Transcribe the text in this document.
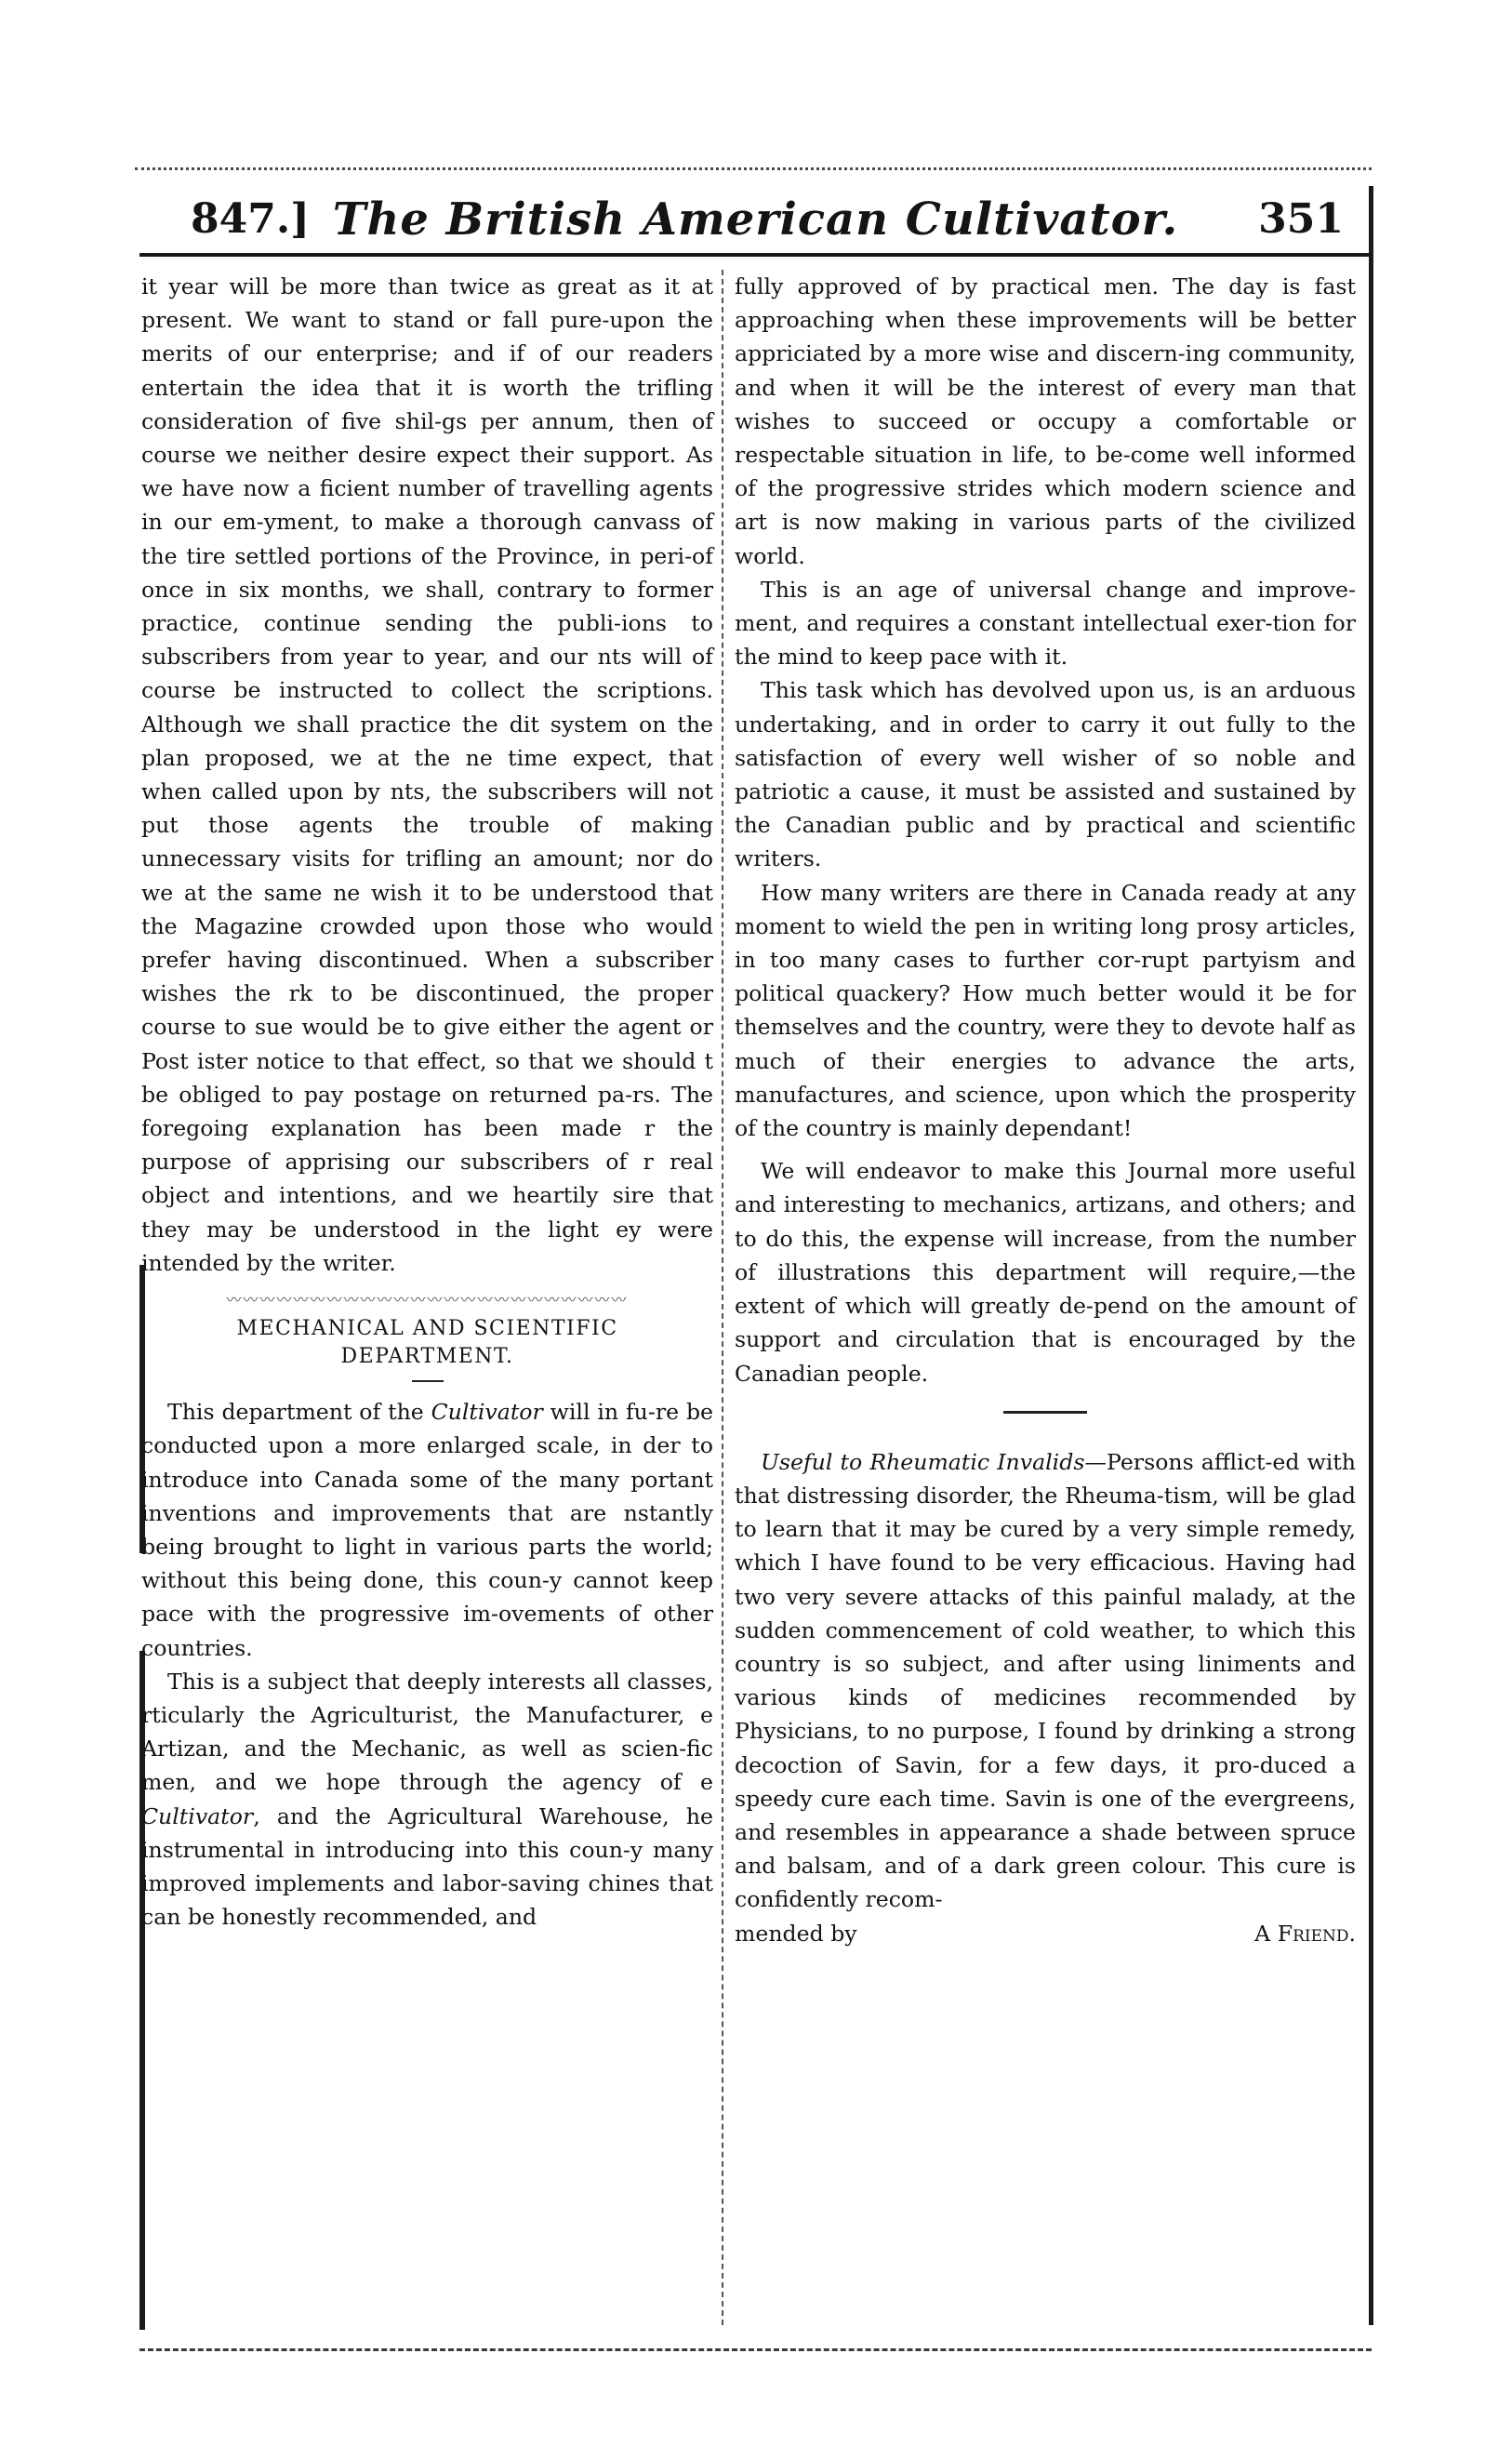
847.] The British American Cultivator.	351

it year will be more than twice as great as it at present. We want to stand or fall pure-upon the merits of our enterprise; and if of our readers entertain the idea that it is worth the trifling consideration of five shil-gs per annum, then of course we neither desire expect their support. As we have now a ficient number of travelling agents in our em-yment, to make a thorough canvass of the tire settled portions of the Province, in peri-of once in six months, we shall, contrary to former practice, continue sending the publi-ions to subscribers from year to year, and our nts will of course be instructed to collect the scriptions. Although we shall practice the dit system on the plan proposed, we at the ne time expect, that when called upon by nts, the subscribers will not put those agents the trouble of making unnecessary visits for trifling an amount; nor do we at the same ne wish it to be understood that the Magazine crowded upon those who would prefer having discontinued. When a subscriber wishes the rk to be discontinued, the proper course to sue would be to give either the agent or Post ister notice to that effect, so that we should t be obliged to pay postage on returned pa-rs. The foregoing explanation has been made r the purpose of apprising our subscribers of r real object and intentions, and we heartily sire that they may be understood in the light ey were intended by the writer.

〰〰〰〰〰〰〰〰〰〰〰〰〰〰〰〰〰〰〰〰〰〰〰〰
MECHANICAL AND SCIENTIFIC
DEPARTMENT.

This department of the Cultivator will in fu-re be conducted upon a more enlarged scale, in der to introduce into Canada some of the many portant inventions and improvements that are nstantly being brought to light in various parts the world; without this being done, this coun-y cannot keep pace with the progressive im-ovements of other countries.

This is a subject that deeply interests all classes, rticularly the Agriculturist, the Manufacturer, e Artizan, and the Mechanic, as well as scien-fic men, and we hope through the agency of e Cultivator, and the Agricultural Warehouse, he instrumental in introducing into this coun-y many improved implements and labor-saving chines that can be honestly recommended, and

fully approved of by practical men. The day is fast approaching when these improvements will be better appriciated by a more wise and discern-ing community, and when it will be the interest of every man that wishes to succeed or occupy a comfortable or respectable situation in life, to be-come well informed of the progressive strides which modern science and art is now making in various parts of the civilized world.

This is an age of universal change and improve-ment, and requires a constant intellectual exer-tion for the mind to keep pace with it.

This task which has devolved upon us, is an arduous undertaking, and in order to carry it out fully to the satisfaction of every well wisher of so noble and patriotic a cause, it must be assisted and sustained by the Canadian public and by practical and scientific writers.

How many writers are there in Canada ready at any moment to wield the pen in writing long prosy articles, in too many cases to further cor-rupt partyism and political quackery? How much better would it be for themselves and the country, were they to devote half as much of their energies to advance the arts, manufactures, and science, upon which the prosperity of the country is mainly dependant!

We will endeavor to make this Journal more useful and interesting to mechanics, artizans, and others; and to do this, the expense will increase, from the number of illustrations this department will require,—the extent of which will greatly de-pend on the amount of support and circulation that is encouraged by the Canadian people.

Useful to Rheumatic Invalids—Persons afflict-ed with that distressing disorder, the Rheuma-tism, will be glad to learn that it may be cured by a very simple remedy, which I have found to be very efficacious. Having had two very severe attacks of this painful malady, at the sudden commencement of cold weather, to which this country is so subject, and after using liniments and various kinds of medicines recommended by Physicians, to no purpose, I found by drinking a strong decoction of Savin, for a few days, it pro-duced a speedy cure each time. Savin is one of the evergreens, and resembles in appearance a shade between spruce and balsam, and of a dark green colour. This cure is confidently recom-

mended by	A Friend.
